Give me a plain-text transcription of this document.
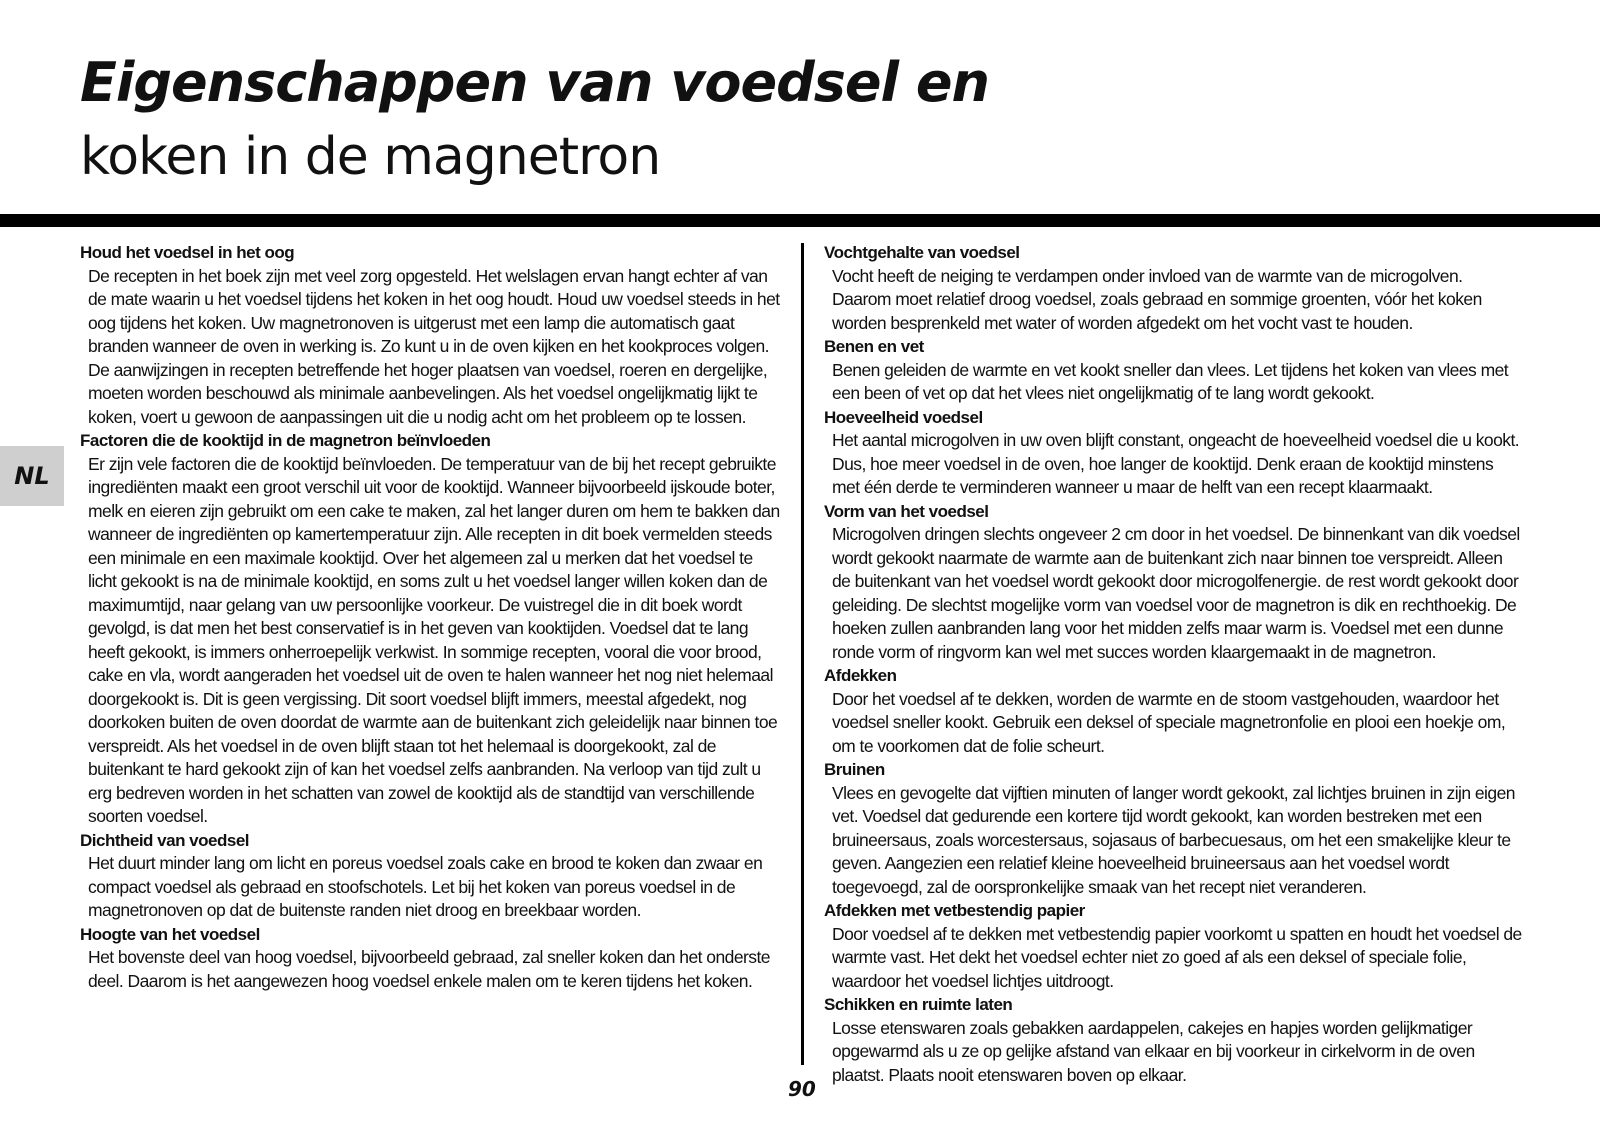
Eigenschappen van voedsel en
koken in de magnetron
NL
Houd het voedsel in het oog

De recepten in het boek zijn met veel zorg opgesteld. Het welslagen ervan hangt echter af van de mate waarin u het voedsel tijdens het koken in het oog houdt. Houd uw voedsel steeds in het oog tijdens het koken. Uw magnetronoven is uitgerust met een lamp die automatisch gaat branden wanneer de oven in werking is. Zo kunt u in de oven kijken en het kookproces volgen. De aanwijzingen in recepten betreffende het hoger plaatsen van voedsel, roeren en dergelijke, moeten worden beschouwd als minimale aanbevelingen. Als het voedsel ongelijkmatig lijkt te koken, voert u gewoon de aanpassingen uit die u nodig acht om het probleem op te lossen.

Factoren die de kooktijd in de magnetron beïnvloeden

Er zijn vele factoren die de kooktijd beïnvloeden. De temperatuur van de bij het recept gebruikte ingrediënten maakt een groot verschil uit voor de kooktijd. Wanneer bijvoorbeeld ijskoude boter, melk en eieren zijn gebruikt om een cake te maken, zal het langer duren om hem te bakken dan wanneer de ingrediënten op kamertemperatuur zijn. Alle recepten in dit boek vermelden steeds een minimale en een maximale kooktijd. Over het algemeen zal u merken dat het voedsel te licht gekookt is na de minimale kooktijd, en soms zult u het voedsel langer willen koken dan de maximumtijd, naar gelang van uw persoonlijke voorkeur. De vuistregel die in dit boek wordt gevolgd, is dat men het best conservatief is in het geven van kooktijden. Voedsel dat te lang heeft gekookt, is immers onherroepelijk verkwist. In sommige recepten, vooral die voor brood, cake en vla, wordt aangeraden het voedsel uit de oven te halen wanneer het nog niet helemaal doorgekookt is. Dit is geen vergissing. Dit soort voedsel blijft immers, meestal afgedekt, nog doorkoken buiten de oven doordat de warmte aan de buitenkant zich geleidelijk naar binnen toe verspreidt. Als het voedsel in de oven blijft staan tot het helemaal is doorgekookt, zal de buitenkant te hard gekookt zijn of kan het voedsel zelfs aanbranden. Na verloop van tijd zult u erg bedreven worden in het schatten van zowel de kooktijd als de standtijd van verschillende soorten voedsel.

Dichtheid van voedsel

Het duurt minder lang om licht en poreus voedsel zoals cake en brood te koken dan zwaar en compact voedsel als gebraad en stoofschotels. Let bij het koken van poreus voedsel in de magnetronoven op dat de buitenste randen niet droog en breekbaar worden.

Hoogte van het voedsel

Het bovenste deel van hoog voedsel, bijvoorbeeld gebraad, zal sneller koken dan het onderste deel. Daarom is het aangewezen hoog voedsel enkele malen om te keren tijdens het koken.

Vochtgehalte van voedsel

Vocht heeft de neiging te verdampen onder invloed van de warmte van de microgolven. Daarom moet relatief droog voedsel, zoals gebraad en sommige groenten, vóór het koken worden besprenkeld met water of worden afgedekt om het vocht vast te houden.

Benen en vet

Benen geleiden de warmte en vet kookt sneller dan vlees. Let tijdens het koken van vlees met een been of vet op dat het vlees niet ongelijkmatig of te lang wordt gekookt.

Hoeveelheid voedsel

Het aantal microgolven in uw oven blijft constant, ongeacht de hoeveelheid voedsel die u kookt. Dus, hoe meer voedsel in de oven, hoe langer de kooktijd. Denk eraan de kooktijd minstens met één derde te verminderen wanneer u maar de helft van een recept klaarmaakt.

Vorm van het voedsel

Microgolven dringen slechts ongeveer 2 cm door in het voedsel. De binnenkant van dik voedsel wordt gekookt naarmate de warmte aan de buitenkant zich naar binnen toe verspreidt. Alleen de buitenkant van het voedsel wordt gekookt door microgolfenergie. de rest wordt gekookt door geleiding. De slechtst mogelijke vorm van voedsel voor de magnetron is dik en rechthoekig. De hoeken zullen aanbranden lang voor het midden zelfs maar warm is. Voedsel met een dunne ronde vorm of ringvorm kan wel met succes worden klaargemaakt in de magnetron.

Afdekken

Door het voedsel af te dekken, worden de warmte en de stoom vastgehouden, waardoor het voedsel sneller kookt. Gebruik een deksel of speciale magnetronfolie en plooi een hoekje om, om te voorkomen dat de folie scheurt.

Bruinen

Vlees en gevogelte dat vijftien minuten of langer wordt gekookt, zal lichtjes bruinen in zijn eigen vet. Voedsel dat gedurende een kortere tijd wordt gekookt, kan worden bestreken met een bruineersaus, zoals worcestersaus, sojasaus of barbecuesaus, om het een smakelijke kleur te geven. Aangezien een relatief kleine hoeveelheid bruineersaus aan het voedsel wordt toegevoegd, zal de oorspronkelijke smaak van het recept niet veranderen.

Afdekken met vetbestendig papier

Door voedsel af te dekken met vetbestendig papier voorkomt u spatten en houdt het voedsel de warmte vast. Het dekt het voedsel echter niet zo goed af als een deksel of speciale folie, waardoor het voedsel lichtjes uitdroogt.

Schikken en ruimte laten

Losse etenswaren zoals gebakken aardappelen, cakejes en hapjes worden gelijkmatiger opgewarmd als u ze op gelijke afstand van elkaar en bij voorkeur in cirkelvorm in de oven plaatst. Plaats nooit etenswaren boven op elkaar.

90
